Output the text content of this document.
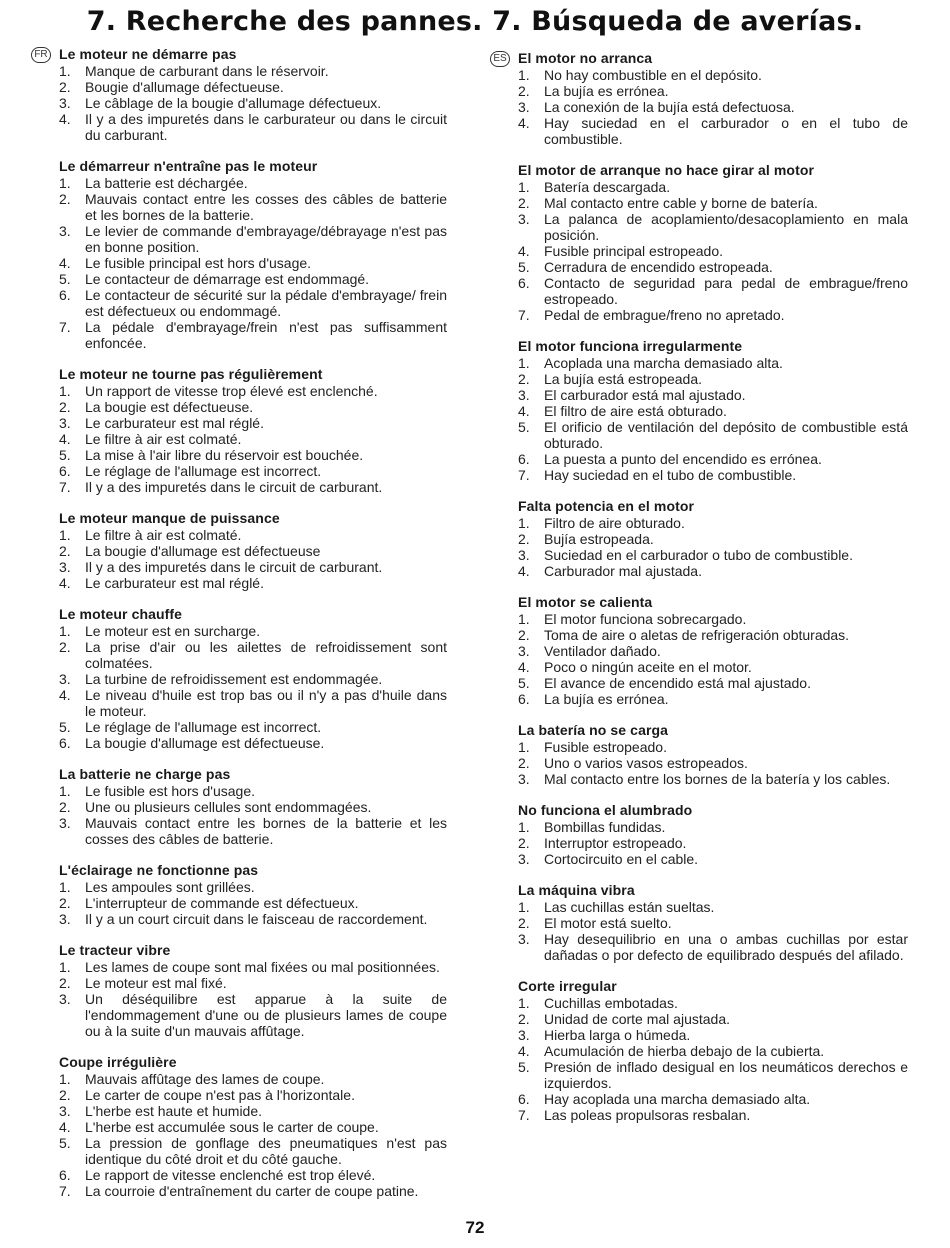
7. Recherche des pannes. 7. Búsqueda de averías.
FR Le moteur ne démarre pas
1.	Manque de carburant dans le réservoir.
2.	Bougie d'allumage défectueuse.
3.	Le câblage de la bougie d'allumage défectueux.
4.	Il y a des impuretés dans le carburateur ou dans le circuit du carburant.
Le démarreur n'entraîne pas le moteur
1.	La batterie est déchargée.
2.	Mauvais contact entre les cosses des câbles de batterie et les bornes de la batterie.
3.	Le levier de commande d'embrayage/débrayage n'est pas en bonne position.
4.	Le fusible principal est hors d'usage.
5.	Le contacteur de démarrage est endommagé.
6.	Le contacteur de sécurité sur la pédale d'embrayage/ frein est défectueux ou endommagé.
7.	La pédale d'embrayage/frein n'est pas suffisamment enfoncée.
Le moteur ne tourne pas régulièrement
1.	Un rapport de vitesse trop élevé est enclenché.
2.	La bougie est défectueuse.
3.	Le carburateur est mal réglé.
4.	Le filtre à air est colmaté.
5.	La mise à l'air libre du réservoir est bouchée.
6.	Le réglage de l'allumage est incorrect.
7.	Il y a des impuretés dans le circuit de carburant.
Le moteur manque de puissance
1.	Le filtre à air est colmaté.
2.	La bougie d'allumage est défectueuse
3.	Il y a des impuretés dans le circuit de carburant.
4.	Le carburateur est mal réglé.
Le moteur chauffe
1.	Le moteur est en surcharge.
2.	La prise d'air ou les ailettes de refroidissement sont colmatées.
3.	La turbine de refroidissement est endommagée.
4.	Le niveau d'huile est trop bas ou il n'y a pas d'huile dans le moteur.
5.	Le réglage de l'allumage est incorrect.
6.	La bougie d'allumage est défectueuse.
La batterie ne charge pas
1.	Le fusible est hors d'usage.
2.	Une ou plusieurs cellules sont endommagées.
3.	Mauvais contact entre les bornes de la batterie et les cosses des câbles de batterie.
L'éclairage ne fonctionne pas
1.	Les ampoules sont grillées.
2.	L'interrupteur de commande est défectueux.
3.	Il y a un court circuit dans le faisceau de raccordement.
Le tracteur vibre
1.	Les lames de coupe sont mal fixées ou mal positionnées.
2.	Le moteur est mal fixé.
3.	Un déséquilibre est apparue à la suite de l'endommagement d'une ou de plusieurs lames de coupe ou à la suite d'un mauvais affûtage.
Coupe irrégulière
1.	Mauvais affûtage des lames de coupe.
2.	Le carter de coupe n'est pas à l'horizontale.
3.	L'herbe est haute et humide.
4.	L'herbe est accumulée sous le carter de coupe.
5.	La pression de gonflage des pneumatiques n'est pas identique du côté droit et du côté gauche.
6.	Le rapport de vitesse enclenché est trop élevé.
7.	La courroie d'entraînement du carter de coupe patine.
ES El motor no arranca
1.	No hay combustible en el depósito.
2.	La bujía es errónea.
3.	La conexión de la bujía está defectuosa.
4.	Hay suciedad en el carburador o en el tubo de combustible.
El motor de arranque no hace girar al motor
1.	Batería descargada.
2.	Mal contacto entre cable y borne de batería.
3.	La palanca de acoplamiento/desacoplamiento en mala posición.
4.	Fusible principal estropeado.
5.	Cerradura de encendido estropeada.
6.	Contacto de seguridad para pedal de embrague/freno estropeado.
7.	Pedal de embrague/freno no apretado.
El motor funciona irregularmente
1.	Acoplada una marcha demasiado alta.
2.	La bujía está estropeada.
3.	El carburador está mal ajustado.
4.	El filtro de aire está obturado.
5.	El orificio de ventilación del depósito de combustible está obturado.
6.	La puesta a punto del encendido es errónea.
7.	Hay suciedad en el tubo de combustible.
Falta potencia en el motor
1.	Filtro de aire obturado.
2.	Bujía estropeada.
3.	Suciedad en el carburador o tubo de combustible.
4.	Carburador mal ajustada.
El motor se calienta
1.	El motor funciona sobrecargado.
2.	Toma de aire o aletas de refrigeración obturadas.
3.	Ventilador dañado.
4.	Poco o ningún aceite en el motor.
5.	El avance de encendido está mal ajustado.
6.	La bujía es errónea.
La batería no se carga
1.	Fusible estropeado.
2.	Uno o varios vasos estropeados.
3.	Mal contacto entre los bornes de la batería y los cables.
No funciona el alumbrado
1.	Bombillas fundidas.
2.	Interruptor estropeado.
3.	Cortocircuito en el cable.
La máquina vibra
1.	Las cuchillas están sueltas.
2.	El motor está suelto.
3.	Hay desequilibrio en una o ambas cuchillas por estar dañadas o por defecto de equilibrado después del afilado.
Corte irregular
1.	Cuchillas embotadas.
2.	Unidad de corte mal ajustada.
3.	Hierba larga o húmeda.
4.	Acumulación de hierba debajo de la cubierta.
5.	Presión de inflado desigual en los neumáticos derechos e izquierdos.
6.	Hay acoplada una marcha demasiado alta.
7.	Las poleas propulsoras resbalan.
72
